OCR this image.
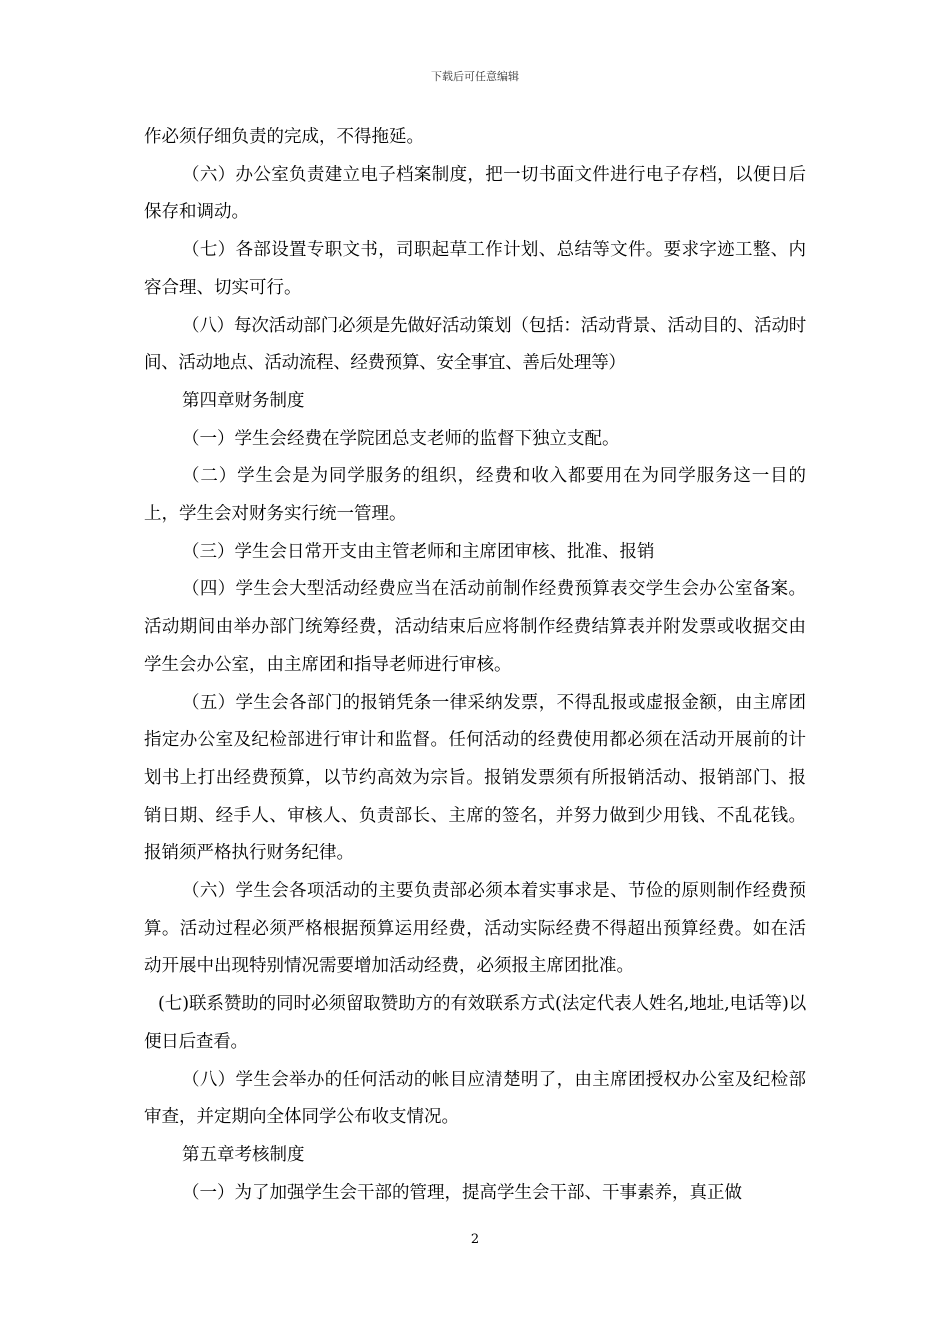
下载后可任意编辑

作必须仔细负责的完成，不得拖延。

（六）办公室负责建立电子档案制度，把一切书面文件进行电子存档，以便日后保存和调动。

（七）各部设置专职文书，司职起草工作计划、总结等文件。要求字迹工整、内容合理、切实可行。

（八）每次活动部门必须是先做好活动策划（包括：活动背景、活动目的、活动时间、活动地点、活动流程、经费预算、安全事宜、善后处理等）

第四章财务制度

（一）学生会经费在学院团总支老师的监督下独立支配。

（二）学生会是为同学服务的组织，经费和收入都要用在为同学服务这一目的上，学生会对财务实行统一管理。

（三）学生会日常开支由主管老师和主席团审核、批准、报销

（四）学生会大型活动经费应当在活动前制作经费预算表交学生会办公室备案。活动期间由举办部门统筹经费，活动结束后应将制作经费结算表并附发票或收据交由学生会办公室，由主席团和指导老师进行审核。

（五）学生会各部门的报销凭条一律采纳发票，不得乱报或虚报金额，由主席团指定办公室及纪检部进行审计和监督。任何活动的经费使用都必须在活动开展前的计划书上打出经费预算，以节约高效为宗旨。报销发票须有所报销活动、报销部门、报销日期、经手人、审核人、负责部长、主席的签名，并努力做到少用钱、不乱花钱。报销须严格执行财务纪律。

（六）学生会各项活动的主要负责部必须本着实事求是、节俭的原则制作经费预算。活动过程必须严格根据预算运用经费，活动实际经费不得超出预算经费。如在活动开展中出现特别情况需要增加活动经费，必须报主席团批准。

(七)联系赞助的同时必须留取赞助方的有效联系方式(法定代表人姓名,地址,电话等)以便日后查看。

（八）学生会举办的任何活动的帐目应清楚明了，由主席团授权办公室及纪检部审查，并定期向全体同学公布收支情况。

第五章考核制度

（一）为了加强学生会干部的管理，提高学生会干部、干事素养，真正做

2
